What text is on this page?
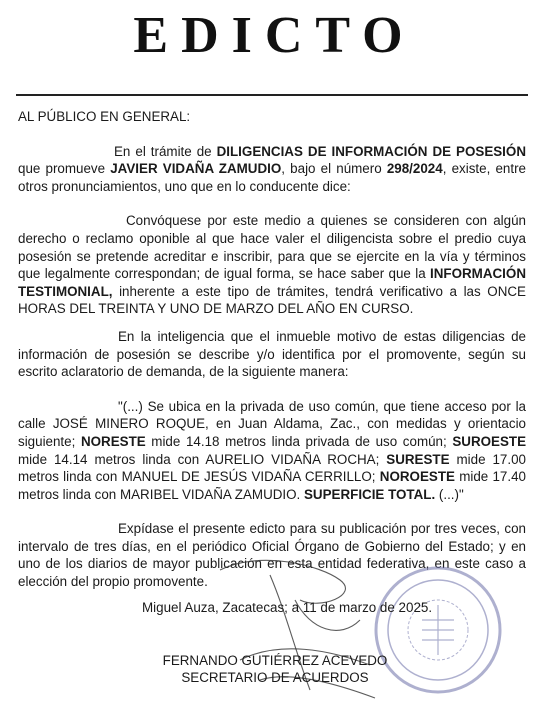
EDICTO

AL PÚBLICO EN GENERAL:

En el trámite de DILIGENCIAS DE INFORMACIÓN DE POSESIÓN que promueve JAVIER VIDAÑA ZAMUDIO, bajo el número 298/2024, existe, entre otros pronunciamientos, uno que en lo conducente dice:

Convóquese por este medio a quienes se consideren con algún derecho o reclamo oponible al que hace valer el diligencista sobre el predio cuya posesión se pretende acreditar e inscribir, para que se ejercite en la vía y términos que legalmente correspondan; de igual forma, se hace saber que la INFORMACIÓN TESTIMONIAL, inherente a este tipo de trámites, tendrá verificativo a las ONCE HORAS DEL TREINTA Y UNO DE MARZO DEL AÑO EN CURSO.

En la inteligencia que el inmueble motivo de estas diligencias de información de posesión se describe y/o identifica por el promovente, según su escrito aclaratorio de demanda, de la siguiente manera:

"(...) Se ubica en la privada de uso común, que tiene acceso por la calle JOSÉ MINERO ROQUE, en Juan Aldama, Zac., con medidas y orientacio siguiente; NORESTE mide 14.18 metros linda privada de uso común; SUROESTE mide 14.14 metros linda con AURELIO VIDAÑA ROCHA; SURESTE mide 17.00 metros linda con MANUEL DE JESÚS VIDAÑA CERRILLO; NOROESTE mide 17.40 metros linda con MARIBEL VIDAÑA ZAMUDIO. SUPERFICIE TOTAL. (...)"

Expídase el presente edicto para su publicación por tres veces, con intervalo de tres días, en el periódico Oficial Órgano de Gobierno del Estado; y en uno de los diarios de mayor publicación en esta entidad federativa, en este caso a elección del propio promovente.

Miguel Auza, Zacatecas; a 11 de marzo de 2025.
FERNANDO GUTIÉRREZ ACEVEDO
SECRETARIO DE ACUERDOS
